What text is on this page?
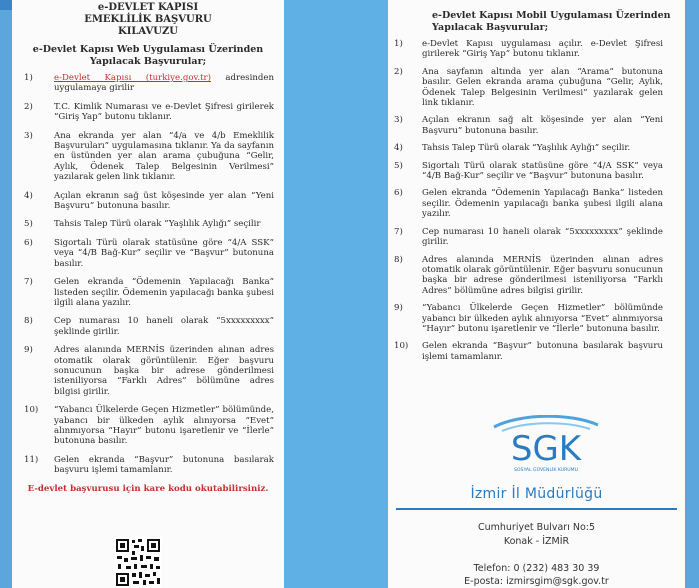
e-DEVLET KAPISI
EMEKLİLİK BAŞVURU
KILAVUZU
e-Devlet Kapısı Web Uygulaması Üzerinden
Yapılacak Başvurular;
1) e-Devlet Kapısı (turkiye.gov.tr) adresinden uygulamaya girilir
2) T.C. Kimlik Numarası ve e-Devlet Şifresi girilerek “Giriş Yap” butonu tıklanır.
3) Ana ekranda yer alan “4/a ve 4/b Emeklilik Başvuruları” uygulamasına tıklanır. Ya da sayfanın en üstünden yer alan arama çubuğuna “Gelir, Aylık, Ödenek Talep Belgesinin Verilmesi” yazılarak gelen link tıklanır.
4) Açılan ekranın sağ üst köşesinde yer alan “Yeni Başvuru” butonuna basılır.
5) Tahsis Talep Türü olarak “Yaşlılık Aylığı” seçilir
6) Sigortalı Türü olarak statüsüne göre “4/A SSK” veya “4/B Bağ-Kur” seçilir ve “Başvur” butonuna basılır.
7) Gelen ekranda “Ödemenin Yapılacağı Banka” listeden seçilir. Ödemenin yapılacağı banka şubesi ilgili alana yazılır.
8) Cep numarası 10 haneli olarak “5xxxxxxxxx” şeklinde girilir.
9) Adres alanında MERNİS üzerinden alınan adres otomatik olarak görüntülenir. Eğer başvuru sonucunun başka bir adrese gönderilmesi isteniliyorsa “Farklı Adres” bölümüne adres bilgisi girilir.
10) “Yabancı Ülkelerde Geçen Hizmetler” bölümünde, yabancı bir ülkeden aylık alınıyorsa “Evet” alınmıyorsa “Hayır” butonu işaretlenir ve “İlerle” butonuna basılır.
11) Gelen ekranda “Başvur” butonuna basılarak başvuru işlemi tamamlanır.
E-devlet başvurusu için kare kodu okutabilirsiniz.
e-Devlet Kapısı Mobil Uygulaması Üzerinden
Yapılacak Başvurular;
1) e-Devlet Kapısı uygulaması açılır. e-Devlet Şifresi girilerek “Giriş Yap” butonu tıklanır.
2) Ana sayfanın altında yer alan “Arama” butonuna basılır. Gelen ekranda arama çubuğuna “Gelir, Aylık, Ödenek Talep Belgesinin Verilmesi” yazılarak gelen link tıklanır.
3) Açılan ekranın sağ alt köşesinde yer alan “Yeni Başvuru” butonuna basılır.
4) Tahsis Talep Türü olarak “Yaşlılık Aylığı” seçilir.
5) Sigortalı Türü olarak statüsüne göre “4/A SSK” veya “4/B Bağ-Kur” seçilir ve “Başvur” butonuna basılır.
6) Gelen ekranda “Ödemenin Yapılacağı Banka” listeden seçilir. Ödemenin yapılacağı banka şubesi ilgili alana yazılır.
7) Cep numarası 10 haneli olarak “5xxxxxxxxx” şeklinde girilir.
8) Adres alanında MERNİS üzerinden alınan adres otomatik olarak görüntülenir. Eğer başvuru sonucunun başka bir adrese gönderilmesi isteniliyorsa “Farklı Adres” bölümüne adres bilgisi girilir.
9) “Yabancı Ülkelerde Geçen Hizmetler” bölümünde yabancı bir ülkeden aylık alınıyorsa “Evet” alınmıyorsa “Hayır” butonu işaretlenir ve “İlerle” butonuna basılır.
10) Gelen ekranda “Başvur” butonuna basılarak başvuru işlemi tamamlanır.
SGK
SOSYAL GÜVENLİK KURUMU
İzmir İl Müdürlüğü
Cumhuriyet Bulvarı No:5
Konak - İZMİR
Telefon: 0 (232) 483 30 39
E-posta: izmirsgim@sgk.gov.tr
